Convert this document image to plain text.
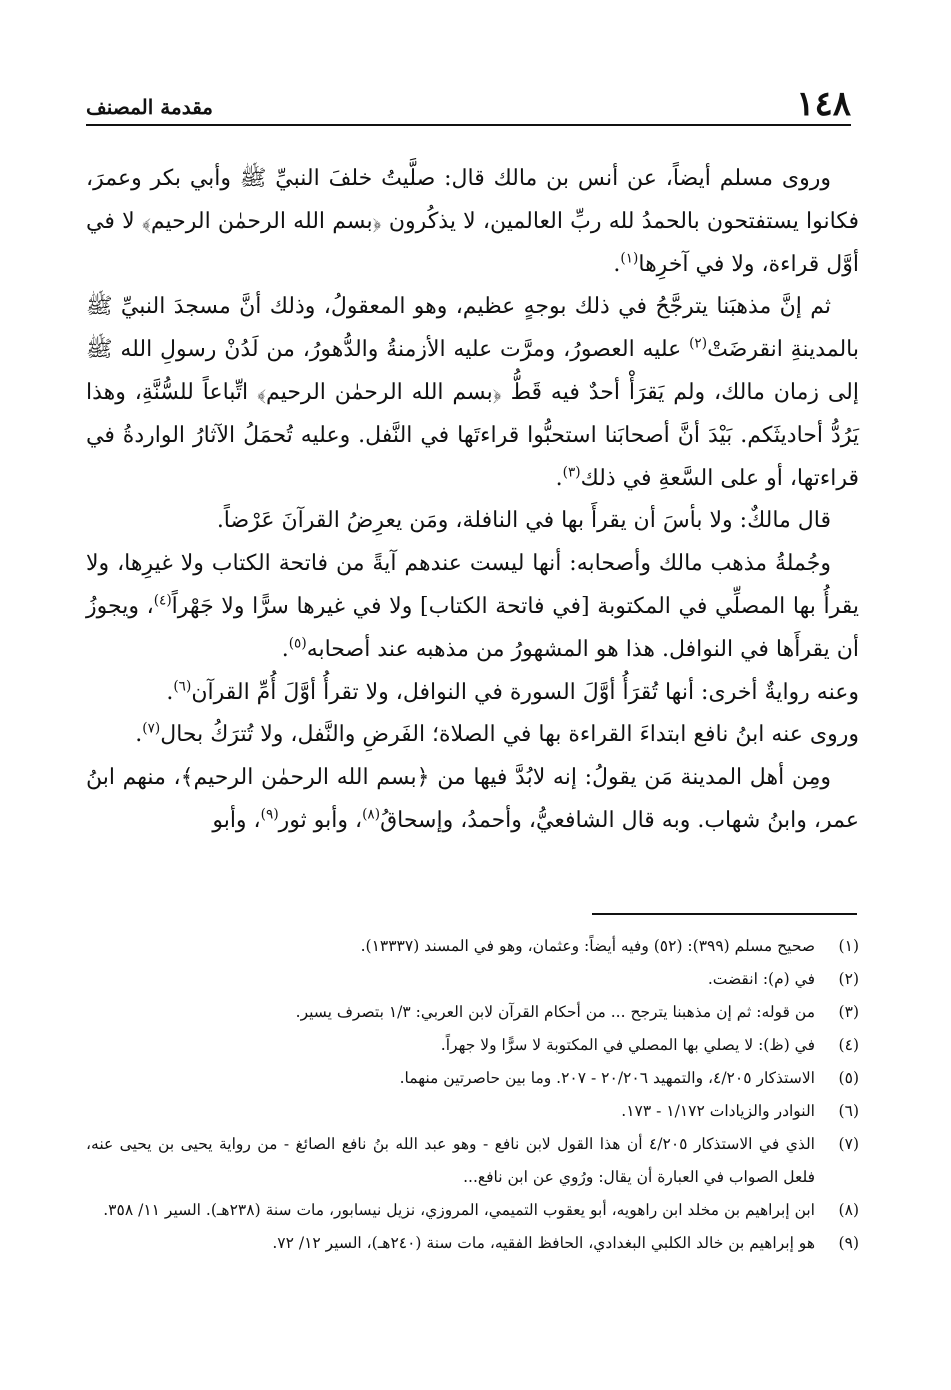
١٤٨
مقدمة المصنف

وروى مسلم أيضاً، عن أنس بن مالك قال: صلَّيتُ خلفَ النبيِّ ﷺ وأبي بكر وعمرَ، فكانوا يستفتحون بالحمدُ لله ربِّ العالمين، لا يذكُرون ﴿بسم الله الرحمٰن الرحيم﴾ لا في أوَّل قراءة، ولا في آخرِها$^{(١)}$.

ثم إنَّ مذهبَنا يترجَّحُ في ذلك بوجهٍ عظيم، وهو المعقولُ، وذلك أنَّ مسجدَ النبيِّ ﷺ بالمدينةِ انقرضَتْ$^{(٢)}$ عليه العصورُ، ومرَّت عليه الأزمنةُ والدُّهورُ، من لَدُنْ رسولِ الله ﷺ إلى زمان مالك، ولم يَقرَأْ أحدٌ فيه قَطُّ ﴿بسم الله الرحمٰن الرحيم﴾ اتِّباعاً للسُّنَّةِ، وهذا يَرُدُّ أحاديثَكم. بَيْدَ أنَّ أصحابَنا استحبُّوا قراءتَها في النَّفل. وعليه تُحمَلُ الآثارُ الواردةُ في قراءتها، أو على السَّعةِ في ذلك$^{(٣)}$.

قال مالكٌ: ولا بأسَ أن يقرأَ بها في النافلة، ومَن يعرِضُ القرآنَ عَرْضاً.

وجُملةُ مذهب مالك وأصحابه: أنها ليست عندهم آيةً من فاتحة الكتاب ولا غيرِها، ولا يقرأُ بها المصلِّي في المكتوبة [في فاتحة الكتاب] ولا في غيرها سرًّا ولا جَهْراً$^{(٤)}$، ويجوزُ أن يقرأَها في النوافل. هذا هو المشهورُ من مذهبه عند أصحابه$^{(٥)}$.

وعنه روايةٌ أخرى: أنها تُقرَأُ أوَّلَ السورة في النوافل، ولا تقرأُ أوَّلَ أُمِّ القرآن$^{(٦)}$.

وروى عنه ابنُ نافع ابتداءَ القراءة بها في الصلاة؛ الفَرضِ والنَّفل، ولا تُترَكُ بحال$^{(٧)}$.

ومِن أهل المدينة مَن يقولُ: إنه لابُدَّ فيها من ﴿بسم الله الرحمٰن الرحيم﴾، منهم ابنُ عمر، وابنُ شهاب. وبه قال الشافعيُّ، وأحمدُ، وإسحاقُ$^{(٨)}$، وأبو ثور$^{(٩)}$، وأبو

(١)
صحيح مسلم (٣٩٩): (٥٢) وفيه أيضاً: وعثمان، وهو في المسند (١٣٣٣٧).

(٢)
في (م): انقضت.

(٣)
من قوله: ثم إن مذهبنا يترجح ... من أحكام القرآن لابن العربي: ١/٣ بتصرف يسير.

(٤)
في (ظ): لا يصلي بها المصلي في المكتوبة لا سرًّا ولا جهراً.

(٥)
الاستذكار ٤/٢٠٥، والتمهيد ٢٠/٢٠٦ - ٢٠٧. وما بين حاصرتين منهما.

(٦)
النوادر والزيادات ١/١٧٢ - ١٧٣.

(٧)
الذي في الاستذكار ٤/٢٠٥ أن هذا القول لابن نافع - وهو عبد الله بنُ نافع الصائغ - من رواية يحيى بن يحيى عنه، فلعل الصواب في العبارة أن يقال: ورُوي عن ابن نافع...

(٨)
ابن إبراهيم بن مخلد ابن راهويه، أبو يعقوب التميمي، المروزي، نزيل نيسابور، مات سنة (٢٣٨هـ). السير ١١/ ٣٥٨.

(٩)
هو إبراهيم بن خالد الكلبي البغدادي، الحافظ الفقيه، مات سنة (٢٤٠هـ)، السير ١٢/ ٧٢.
